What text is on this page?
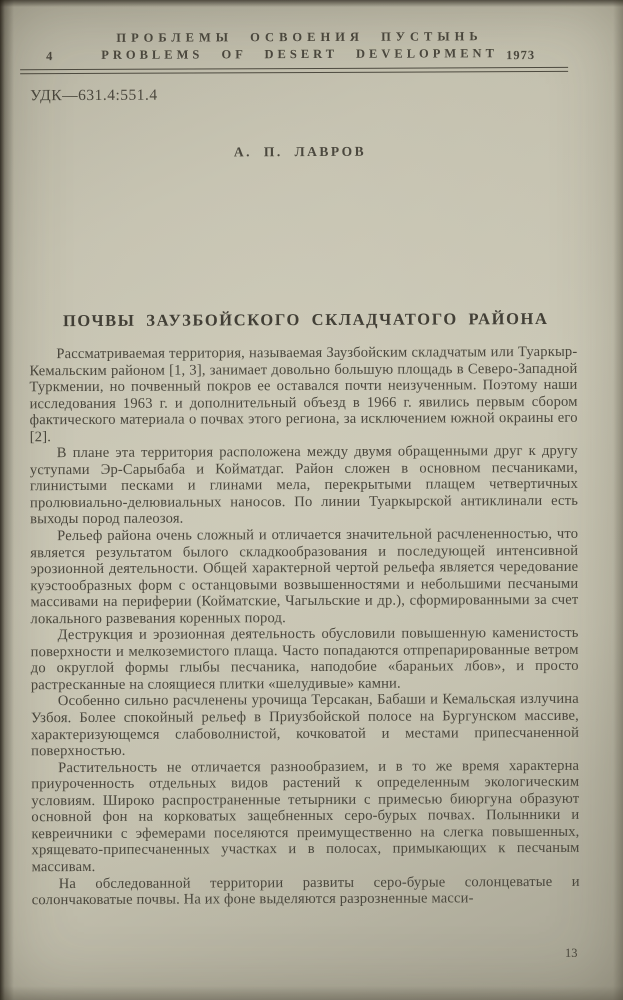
ПРОБЛЕМЫ ОСВОЕНИЯ ПУСТЫНЬ
4	PROBLEMS OF DESERT DEVELOPMENT 1973
УДК—631.4:551.4
А. П. ЛАВРОВ
ПОЧВЫ ЗАУЗБОЙСКОГО СКЛАДЧАТОГО РАЙОНА

Рассматриваемая территория, называемая Заузбойским складчатым или Туаркыр-Кемальским районом [1, 3], занимает довольно большую площадь в Северо-Западной Туркмении, но почвенный покров ее оставался почти неизученным. Поэтому наши исследования 1963 г. и дополнительный объезд в 1966 г. явились первым сбором фактического материала о почвах этого региона, за исключением южной окраины его [2].

В плане эта территория расположена между двумя обращенными друг к другу уступами Эр-Сарыбаба и Койматдаг. Район сложен в основном песчаниками, глинистыми песками и глинами мела, перекрытыми плащем четвертичных пролювиально-делювиальных наносов. По линии Туаркырской антиклинали есть выходы пород палеозоя.

Рельеф района очень сложный и отличается значительной расчлененностью, что является результатом былого складкообразования и последующей интенсивной эрозионной деятельности. Общей характерной чертой рельефа является чередование куэстообразных форм с останцовыми возвышенностями и небольшими песчаными массивами на периферии (Койматские, Чагыльские и др.), сформированными за счет локального развевания коренных пород.

Деструкция и эрозионная деятельность обусловили повышенную каменистость поверхности и мелкоземистого плаща. Часто попадаются отпрепарированные ветром до округлой формы глыбы песчаника, наподобие «бараньих лбов», и просто растресканные на слоящиеся плитки «шелудивые» камни.

Особенно сильно расчленены урочища Терсакан, Бабаши и Кемальская излучина Узбоя. Более спокойный рельеф в Приузбойской полосе на Бургунском массиве, характеризующемся слабоволнистой, кочковатой и местами припесчаненной поверхностью.

Растительность не отличается разнообразием, и в то же время характерна приуроченность отдельных видов растений к определенным экологическим условиям. Широко распространенные тетырники с примесью биюргуна образуют основной фон на корковатых защебненных серо-бурых почвах. Полынники и кевреичники с эфемерами поселяются преимущественно на слегка повышенных, хрящевато-припесчаненных участках и в полосах, примыкающих к песчаным массивам.

На обследованной территории развиты серо-бурые солонцеватые и солончаковатые почвы. На их фоне выделяются разрозненные масси-

13
